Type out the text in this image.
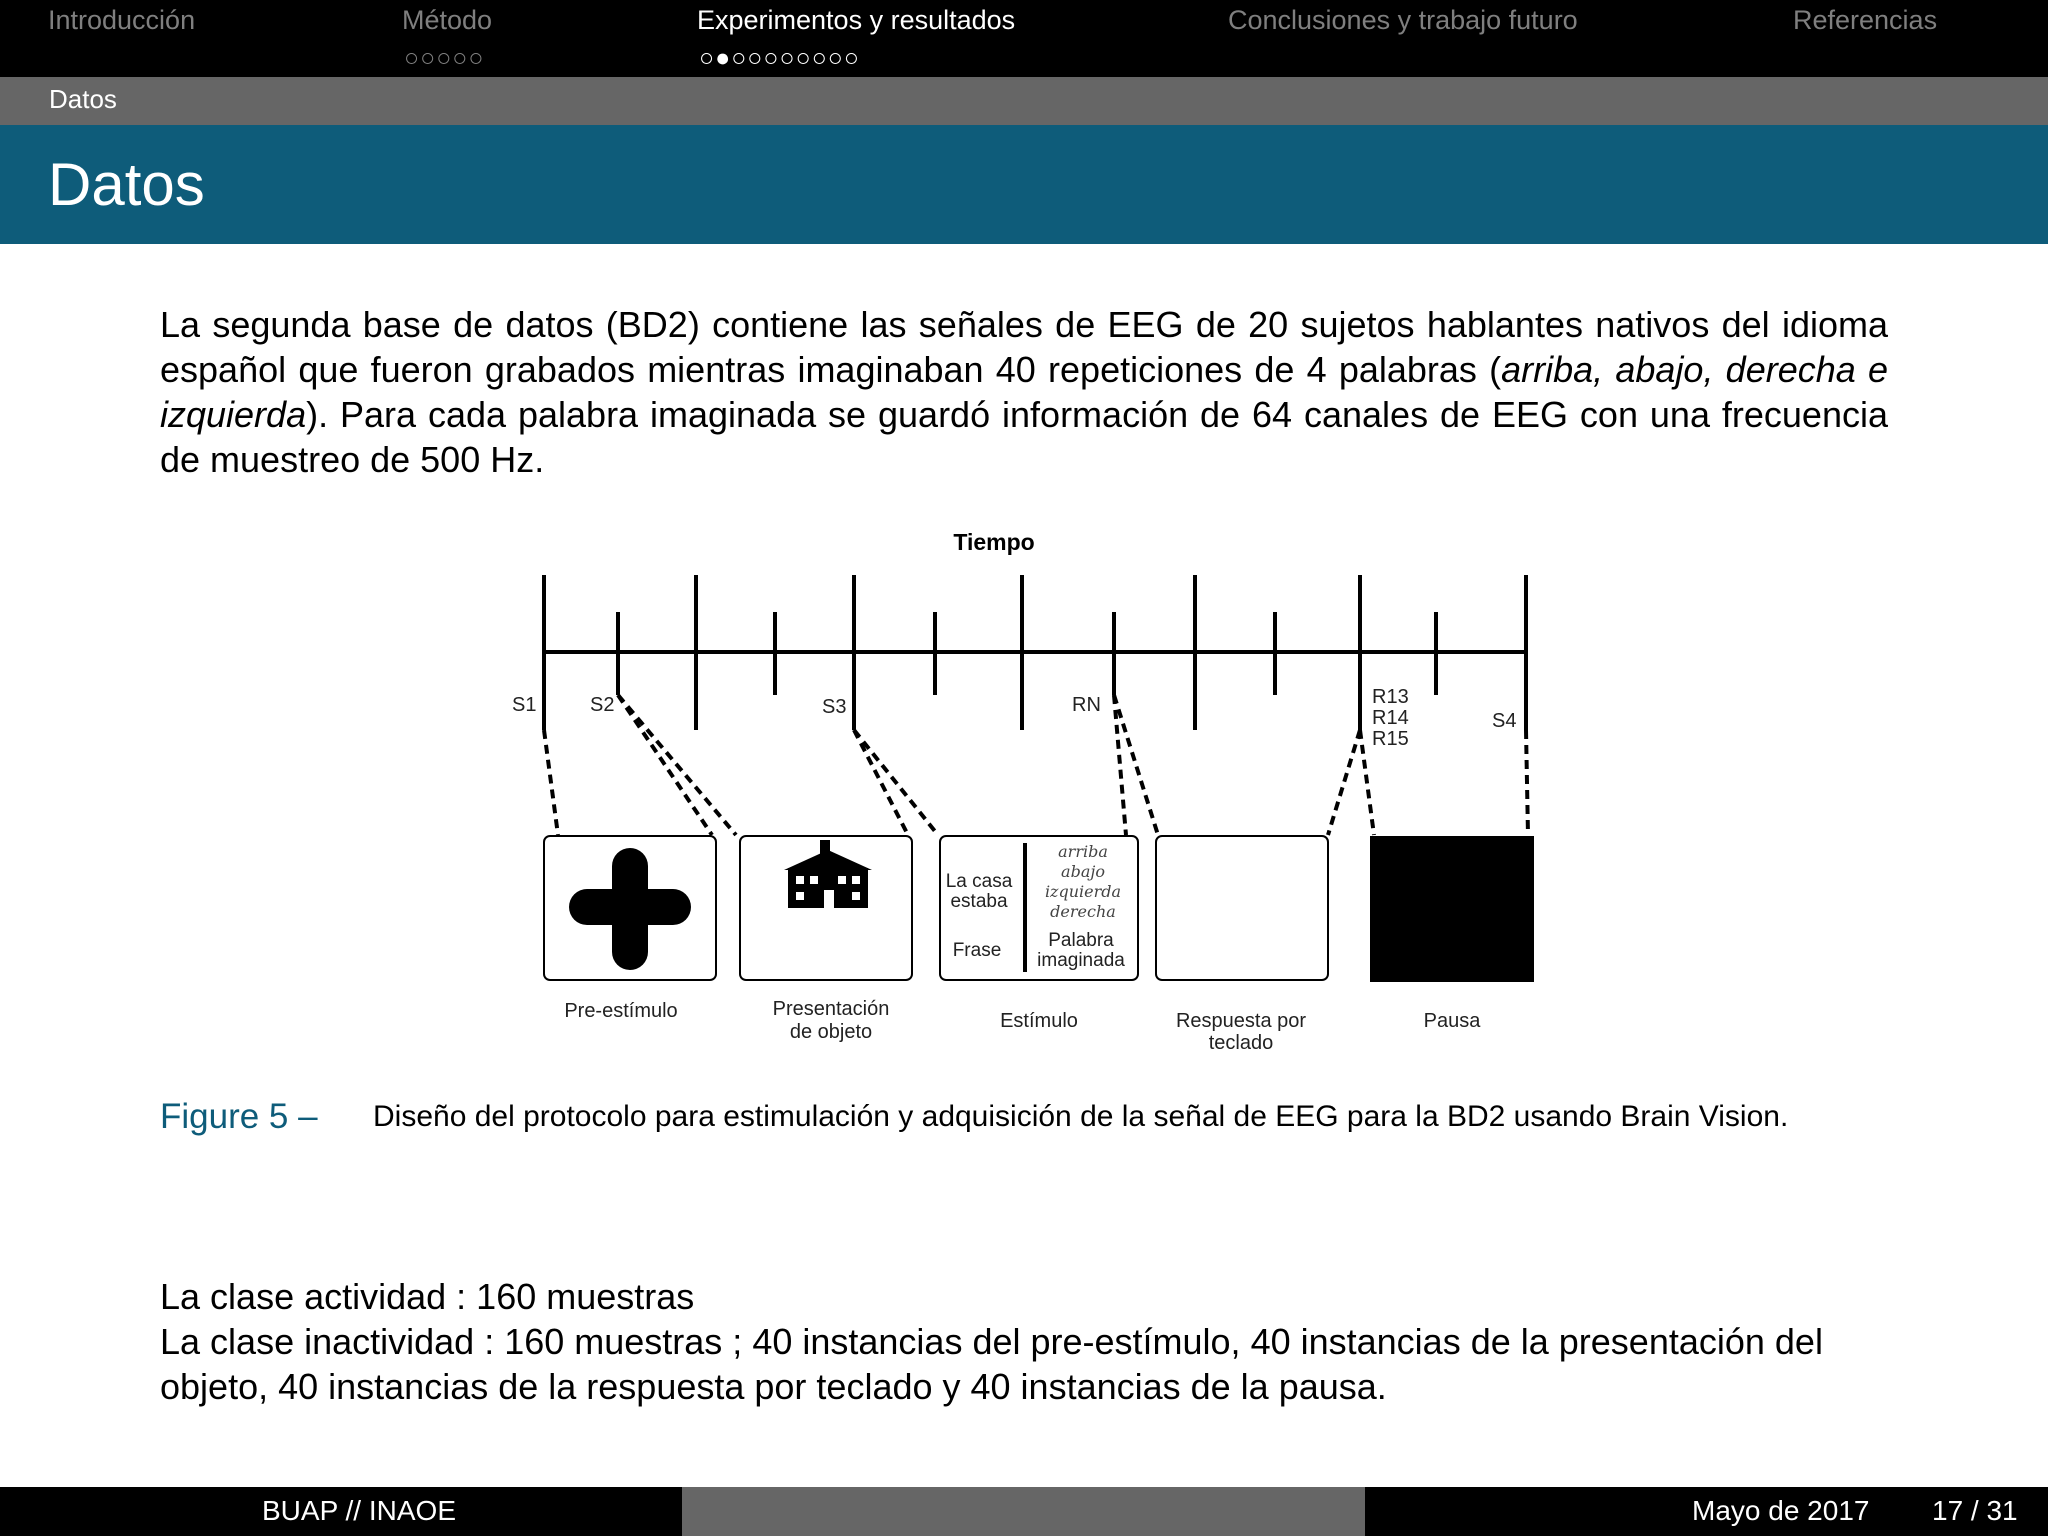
Introducción	Método
○○○○○
Experimentos y resultados
○●○○○○○○○○
Conclusiones y trabajo futuro	Referencias
Datos
Datos
La segunda base de datos (BD2) contiene las señales de EEG de 20 sujetos hablantes nativos del idioma español que fueron grabados mientras imaginaban 40 repeticiones de 4 palabras (arriba, abajo, derecha e izquierda). Para cada palabra imaginada se guardó información de 64 canales de EEG con una frecuencia de muestreo de 500 Hz.
Tiempo
S1	S2	S3	RN	R13
R14
R15
S4
La casa
estaba
Frase Palabra
imaginada
arriba
abajo
izquierda
derecha
Pre-estímulo	Presentación
de objeto	Estímulo	Respuesta por
teclado
Pausa
Figure 5 – Diseño del protocolo para estimulación y adquisición de la señal de EEG para la BD2 usando Brain Vision.
La clase actividad : 160 muestras
La clase inactividad : 160 muestras ; 40 instancias del pre-estímulo, 40 instancias de la presentación del objeto, 40 instancias de la respuesta por teclado y 40 instancias de la pausa.
BUAP // INAOE	Mayo de 2017 17 / 31
